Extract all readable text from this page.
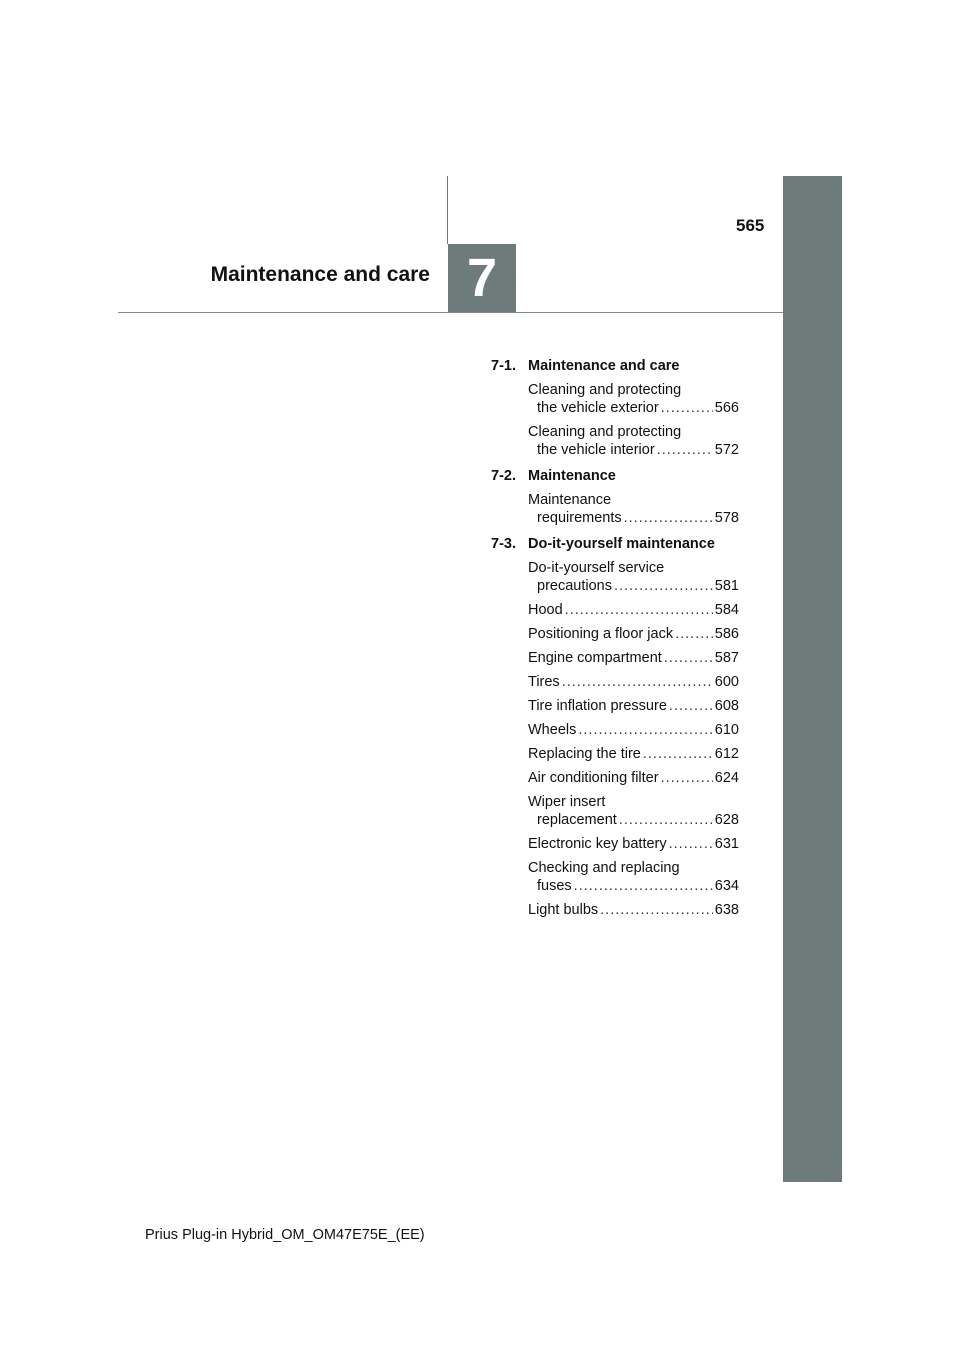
565
Maintenance and care 7
7-1. Maintenance and care
Cleaning and protecting
the vehicle exterior .....	566
Cleaning and protecting
the vehicle interior .....	572
7-2. Maintenance
Maintenance
requirements .....	578
7-3. Do-it-yourself maintenance
Do-it-yourself service
precautions .....	581
Hood .....	584
Positioning a floor jack .....	586
Engine compartment .....	587
Tires .....	600
Tire inflation pressure .....	608
Wheels .....	610
Replacing the tire .....	612
Air conditioning filter .....	624
Wiper insert
replacement .....	628
Electronic key battery .....	631
Checking and replacing
fuses .....	634
Light bulbs .....	638
Prius Plug-in Hybrid_OM_OM47E75E_(EE)
